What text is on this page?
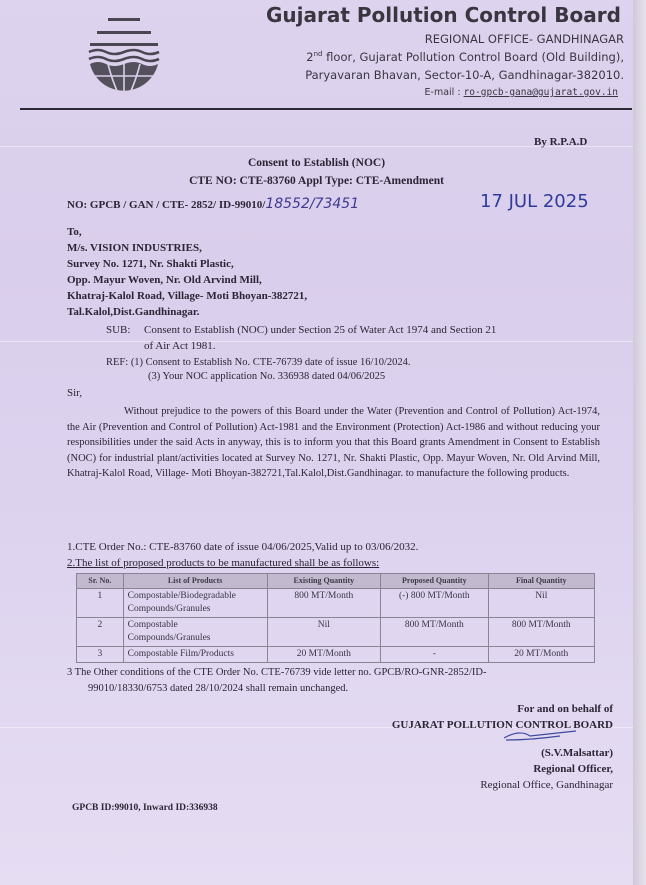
Gujarat Pollution Control Board
REGIONAL OFFICE- GANDHINAGAR
2nd floor, Gujarat Pollution Control Board (Old Building),
Paryavaran Bhavan, Sector-10-A, Gandhinagar-382010.
E-mail : ro-gpcb-gana@gujarat.gov.in
By R.P.A.D
Consent to Establish (NOC)
CTE NO: CTE-83760 Appl Type: CTE-Amendment
NO: GPCB / GAN / CTE- 2852/ ID-99010/18552/73451	17 JUL 2025
To,
M/s. VISION INDUSTRIES,
Survey No. 1271, Nr. Shakti Plastic,
Opp. Mayur Woven, Nr. Old Arvind Mill,
Khatraj-Kalol Road, Village- Moti Bhoyan-382721,
Tal.Kalol,Dist.Gandhinagar.
SUB: Consent to Establish (NOC) under Section 25 of Water Act 1974 and Section 21
of Air Act 1981.
REF: (1) Consent to Establish No. CTE-76739 date of issue 16/10/2024.
(3) Your NOC application No. 336938 dated 04/06/2025
Sir,
Without prejudice to the powers of this Board under the Water (Prevention and Control of Pollution) Act-1974, the Air (Prevention and Control of Pollution) Act-1981 and the Environment (Protection) Act-1986 and without reducing your responsibilities under the said Acts in anyway, this is to inform you that this Board grants Amendment in Consent to Establish (NOC) for industrial plant/activities located at Survey No. 1271, Nr. Shakti Plastic, Opp. Mayur Woven, Nr. Old Arvind Mill, Khatraj-Kalol Road, Village- Moti Bhoyan-382721,Tal.Kalol,Dist.Gandhinagar. to manufacture the following products.
1.CTE Order No.: CTE-83760 date of issue 04/06/2025,Valid up to 03/06/2032.
2.The list of proposed products to be manufactured shall be as follows:
Sr. No.	List of Products	Existing Quantity	Proposed Quantity	Final Quantity
1	Compostable/Biodegradable Compounds/Granules	800 MT/Month	(-) 800 MT/Month	Nil
2	Compostable Compounds/Granules	Nil	800 MT/Month	800 MT/Month
3	Compostable Film/Products	20 MT/Month	-	20 MT/Month
3 The Other conditions of the CTE Order No. CTE-76739 vide letter no. GPCB/RO-GNR-2852/ID-
99010/18330/6753 dated 28/10/2024 shall remain unchanged.
For and on behalf of
GUJARAT POLLUTION CONTROL BOARD
(S.V.Malsattar)
Regional Officer,
Regional Office, Gandhinagar
GPCB ID:99010, Inward ID:336938
